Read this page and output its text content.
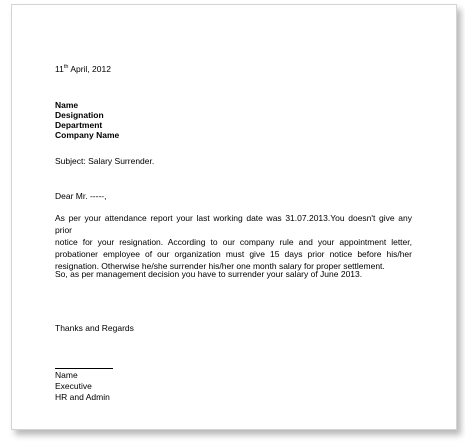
11th April, 2012
Name
Designation
Department
Company Name
Subject: Salary Surrender.
Dear Mr. -----,
As per your attendance report your last working date was 31.07.2013.You doesn't give any prior
notice for your resignation. According to our company rule and your appointment letter,
probationer employee of our organization must give 15 days prior notice before his/her
resignation. Otherwise he/she surrender his/her one month salary for proper settlement.
So, as per management decision you have to surrender your salary of June 2013.
Thanks and Regards
Name
Executive
HR and Admin
